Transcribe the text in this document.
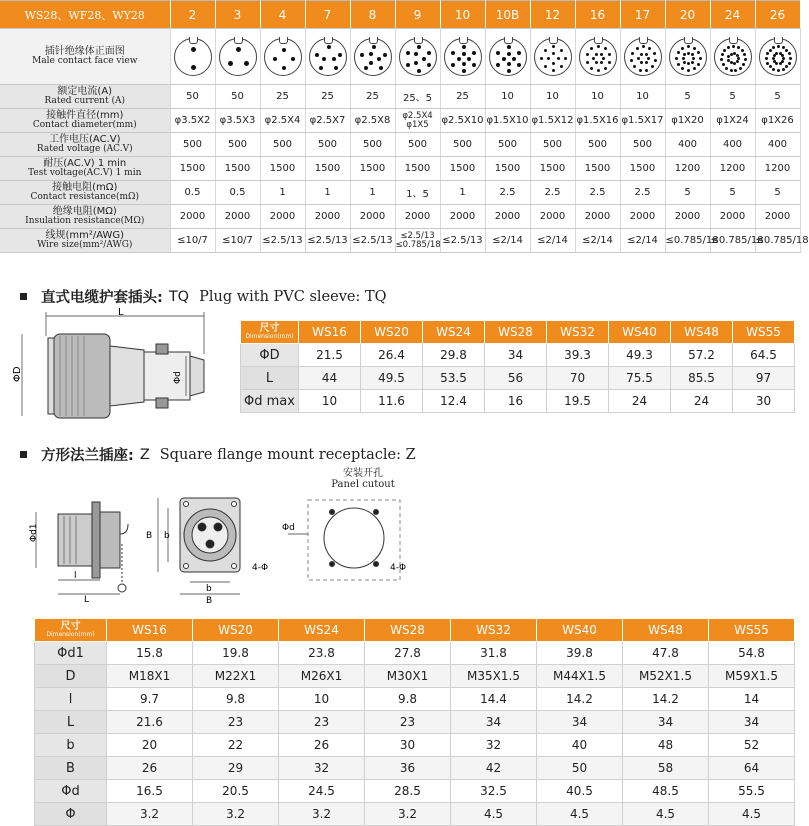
WS28、WF28、WY28	2	3	4	7	8	9	10	10B	12	16	17	20	24	26

插针绝缘体正面图
Male contact face view														

额定电流(A)
Rated current (A)	50	50	25	25	25	25、5	25	10	10	10	10	5	5	5

接触件直径(mm)
Contact diameter(mm)	φ3.5X2	φ3.5X3	φ2.5X4	φ2.5X7	φ2.5X8	φ2.5X4 φ1X5	φ2.5X10	φ1.5X10	φ1.5X12	φ1.5X16	φ1.5X17	φ1X20	φ1X24	φ1X26

工作电压(AC.V)
Rated voltage (AC.V)	500	500	500	500	500	500	500	500	500	500	500	400	400	400

耐压(AC.V) 1 min
Test voltage(AC.V) 1 min	1500	1500	1500	1500	1500	1500	1500	1500	1500	1500	1500	1200	1200	1200

接触电阻(mΩ)
Contact resistance(mΩ)	0.5	0.5	1	1	1	1、5	1	2.5	2.5	2.5	2.5	5	5	5

绝缘电阻(MΩ)
Insulation resistance(MΩ)	2000	2000	2000	2000	2000	2000	2000	2000	2000	2000	2000	2000	2000	2000

线规(mm²/AWG)
Wire size(mm²/AWG)	≤10/7	≤10/7	≤2.5/13	≤2.5/13	≤2.5/13	≤2.5/13 ≤0.785/18	≤2.5/13	≤2/14	≤2/14	≤2/14	≤2/14	≤0.785/18	≤0.785/18	≤0.785/18
直式电缆护套插头: TQ Plug with PVC sleeve: TQ
L
ΦD	Φd
尺寸
Dimension(mm)	WS16	WS20	WS24	WS28	WS32	WS40	WS48	WS55
ΦD	21.5	26.4	29.8	34	39.3	49.3	57.2	64.5
L	44	49.5	53.5	56	70	75.5	85.5	97
Φd max	10	11.6	12.4	16	19.5	24	24	30
方形法兰插座: Z Square flange mount receptacle: Z
安装开孔
Panel cutout
Φd1
l
L
b
B
b
B
4-Φ	4-Φ
Φd
尺寸
Dimension(mm)	WS16	WS20	WS24	WS28	WS32	WS40	WS48	WS55
Φd1	15.8	19.8	23.8	27.8	31.8	39.8	47.8	54.8
D	M18X1	M22X1	M26X1	M30X1	M35X1.5	M44X1.5	M52X1.5	M59X1.5
l	9.7	9.8	10	9.8	14.4	14.2	14.2	14
L	21.6	23	23	23	34	34	34	34
b	20	22	26	30	32	40	48	52
B	26	29	32	36	42	50	58	64
Φd	16.5	20.5	24.5	28.5	32.5	40.5	48.5	55.5
Φ	3.2	3.2	3.2	3.2	4.5	4.5	4.5	4.5
